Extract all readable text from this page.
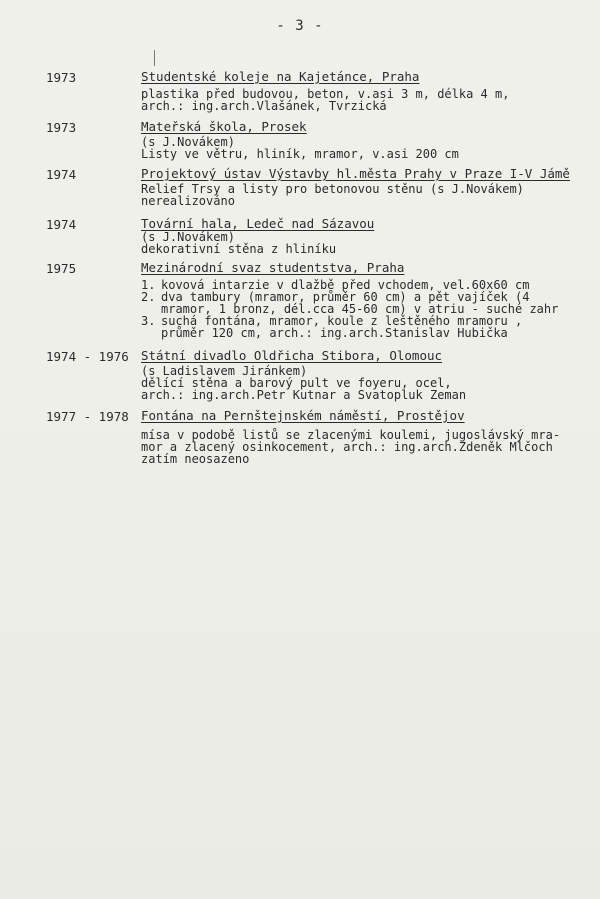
- 3 -
1973	Studentské koleje na Kajetánce, Praha
plastika před budovou, beton, v.asi 3 m, délka 4 m,
arch.: ing.arch.Vlašánek, Tvrzická
1973	Mateřská škola, Prosek
(s J.Novákem)
Listy ve větru, hliník, mramor, v.asi 200 cm
1974	Projektový ústav Výstavby hl.města Prahy v Praze I-V Jámě
Relief Trsy a listy pro betonovou stěnu (s J.Novákem)
nerealizováno
1974	Tovární hala, Ledeč nad Sázavou
(s J.Novákem)
dekorativní stěna z hliníku
1975	Mezinárodní svaz studentstva, Praha
1. kovová intarzie v dlažbě před vchodem, vel.60x60 cm
2. dva tambury (mramor, průměr 60 cm) a pět vajíček (4
mramor, 1 bronz, dél.cca 45-60 cm) v atriu - suché zahr
3. suchá fontána, mramor, koule z leštěného mramoru ,
průměr 120 cm, arch.: ing.arch.Stanislav Hubička
1974 - 1976 Státní divadlo Oldřicha Stibora, Olomouc
(s Ladislavem Jiránkem)
dělící stěna a barový pult ve foyeru, ocel,
arch.: ing.arch.Petr Kutnar a Svatopluk Zeman
1977 - 1978 Fontána na Pernštejnském náměstí, Prostějov
mísa v podobě listů se zlacenými koulemi, jugoslávský mra-
mor a zlacený osinkocement, arch.: ing.arch.Zdeněk Mlčoch
zatím neosazeno
